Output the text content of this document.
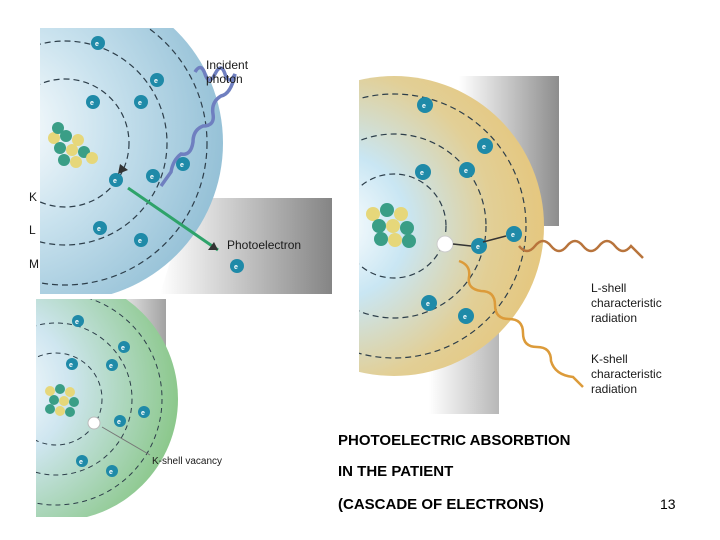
e
e
e	e
e
e
e
e
e
e
Incident
photon
Photoelectron
K
L
M
e
e
e	e
e
e
e
e
L-shell
characteristic
radiation
K-shell
characteristic
radiation
e
e
e	e
e
e
e
e
K-shell vacancy
PHOTOELECTRIC ABSORBTION
IN THE PATIENT
(CASCADE OF ELECTRONS)	13
